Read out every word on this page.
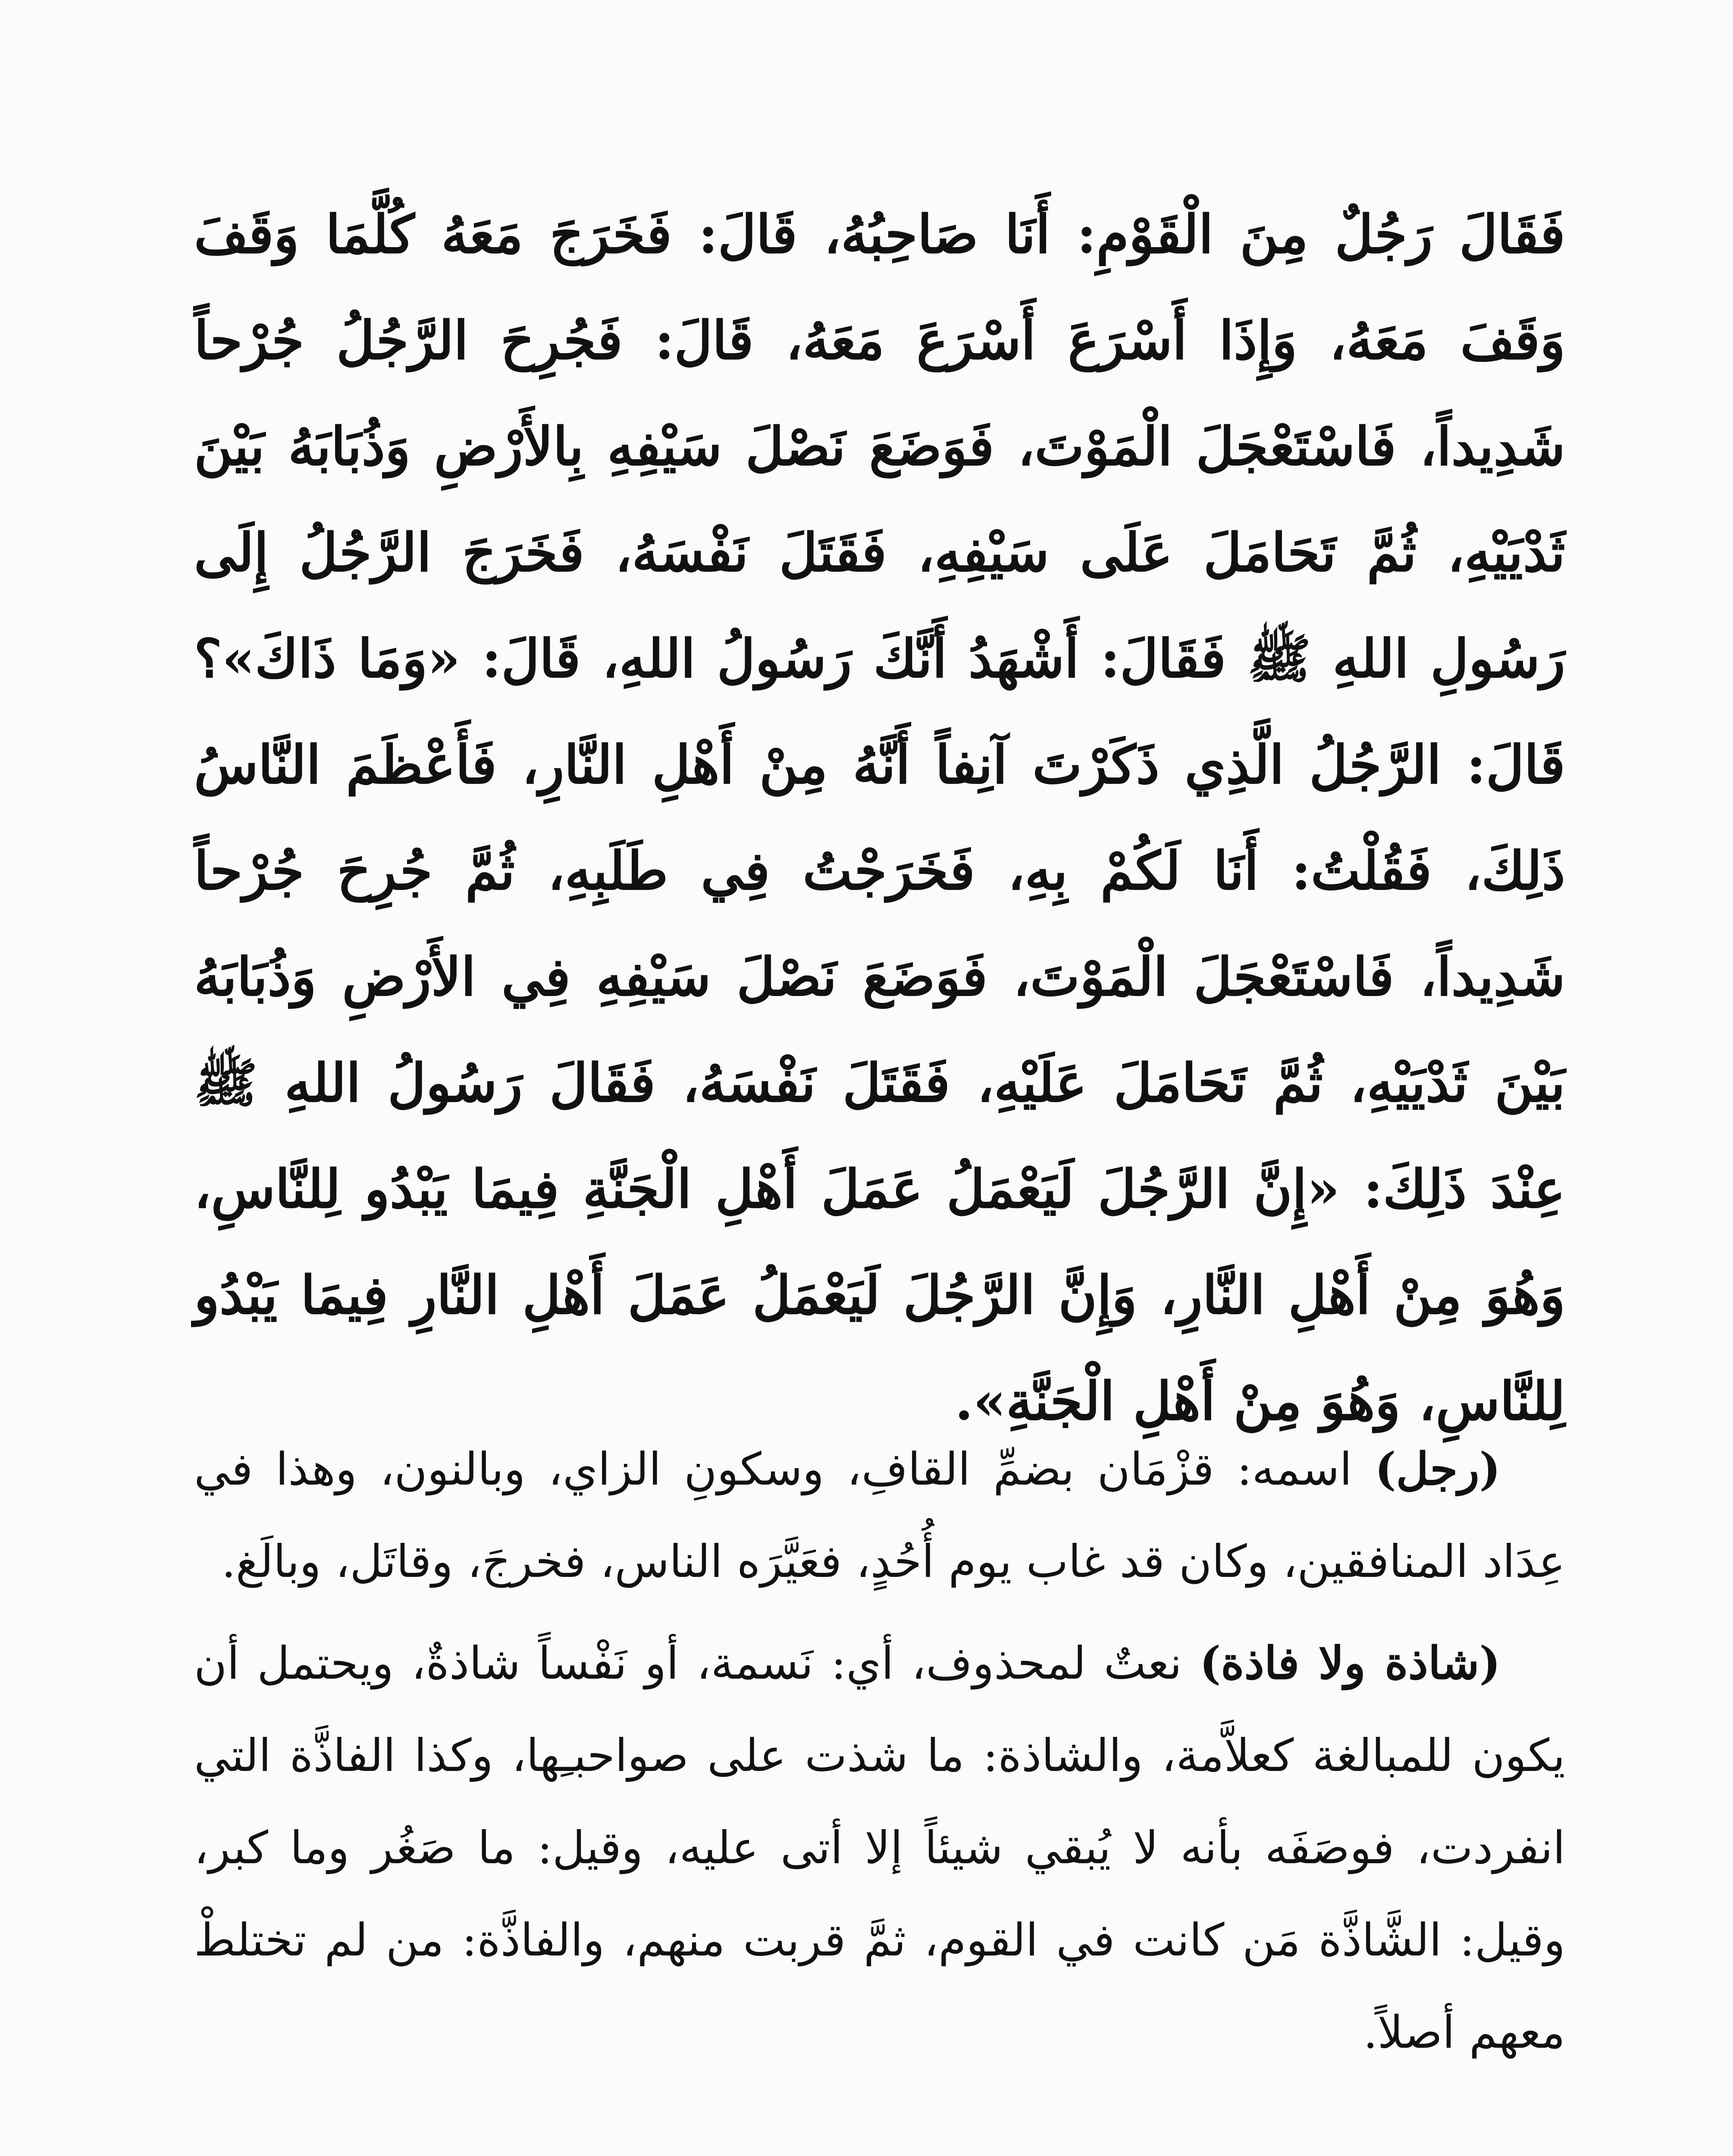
فَقَالَ رَجُلٌ مِنَ الْقَوْمِ: أَنَا صَاحِبُهُ، قَالَ: فَخَرَجَ مَعَهُ كُلَّمَا وَقَفَ وَقَفَ مَعَهُ، وَإِذَا أَسْرَعَ أَسْرَعَ مَعَهُ، قَالَ: فَجُرِحَ الرَّجُلُ جُرْحاً شَدِيداً، فَاسْتَعْجَلَ الْمَوْتَ، فَوَضَعَ نَصْلَ سَيْفِهِ بِالأَرْضِ وَذُبَابَهُ بَيْنَ ثَدْيَيْهِ، ثُمَّ تَحَامَلَ عَلَى سَيْفِهِ، فَقَتَلَ نَفْسَهُ، فَخَرَجَ الرَّجُلُ إِلَى رَسُولِ اللهِ ﷺ فَقَالَ: أَشْهَدُ أَنَّكَ رَسُولُ اللهِ، قَالَ: «وَمَا ذَاكَ»؟ قَالَ: الرَّجُلُ الَّذِي ذَكَرْتَ آنِفاً أَنَّهُ مِنْ أَهْلِ النَّارِ، فَأَعْظَمَ النَّاسُ ذَلِكَ، فَقُلْتُ: أَنَا لَكُمْ بِهِ، فَخَرَجْتُ فِي طَلَبِهِ، ثُمَّ جُرِحَ جُرْحاً شَدِيداً، فَاسْتَعْجَلَ الْمَوْتَ، فَوَضَعَ نَصْلَ سَيْفِهِ فِي الأَرْضِ وَذُبَابَهُ بَيْنَ ثَدْيَيْهِ، ثُمَّ تَحَامَلَ عَلَيْهِ، فَقَتَلَ نَفْسَهُ، فَقَالَ رَسُولُ اللهِ ﷺ عِنْدَ ذَلِكَ: «إِنَّ الرَّجُلَ لَيَعْمَلُ عَمَلَ أَهْلِ الْجَنَّةِ فِيمَا يَبْدُو لِلنَّاسِ، وَهُوَ مِنْ أَهْلِ النَّارِ، وَإِنَّ الرَّجُلَ لَيَعْمَلُ عَمَلَ أَهْلِ النَّارِ فِيمَا يَبْدُو لِلنَّاسِ، وَهُوَ مِنْ أَهْلِ الْجَنَّةِ».

(رجل) اسمه: قزْمَان بضمِّ القافِ، وسكونِ الزاي، وبالنون، وهذا في عِدَاد المنافقين، وكان قد غاب يوم أُحُدٍ، فعَيَّرَه الناس، فخرجَ، وقاتَل، وبالَغ.

(شاذة ولا فاذة) نعتٌ لمحذوف، أي: نَسمة، أو نَفْساً شاذةٌ، ويحتمل أن يكون للمبالغة كعلاَّمة، والشاذة: ما شذت على صواحبـِها، وكذا الفاذَّة التي انفردت، فوصَفَه بأنه لا يُبقي شيئاً إلا أتى عليه، وقيل: ما صَغُر وما كبر، وقيل: الشَّاذَّة مَن كانت في القوم، ثمَّ قربت منهم، والفاذَّة: من لم تختلطْ معهم أصلاً.
